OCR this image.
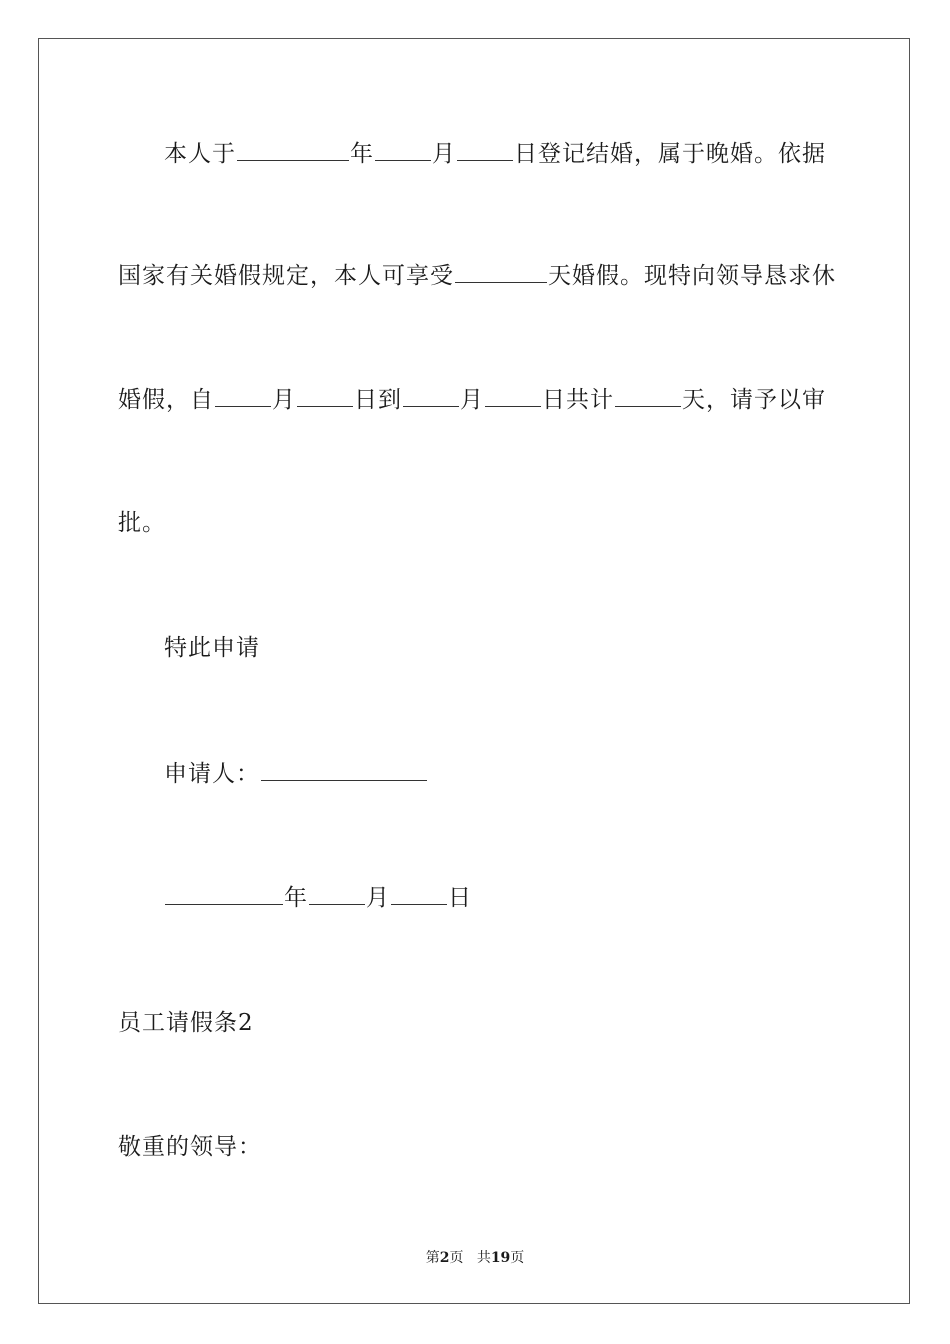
本人于	年	月	日登记结婚，属于晚婚。依据
国家有关婚假规定，本人可享受	天婚假。现特向领导恳求休
婚假，自	月	日到	月	日共计	天，请予以审
批。
特此申请
申请人：
年	月	日
员工请假条2
敬重的领导：
第2页 共19页
